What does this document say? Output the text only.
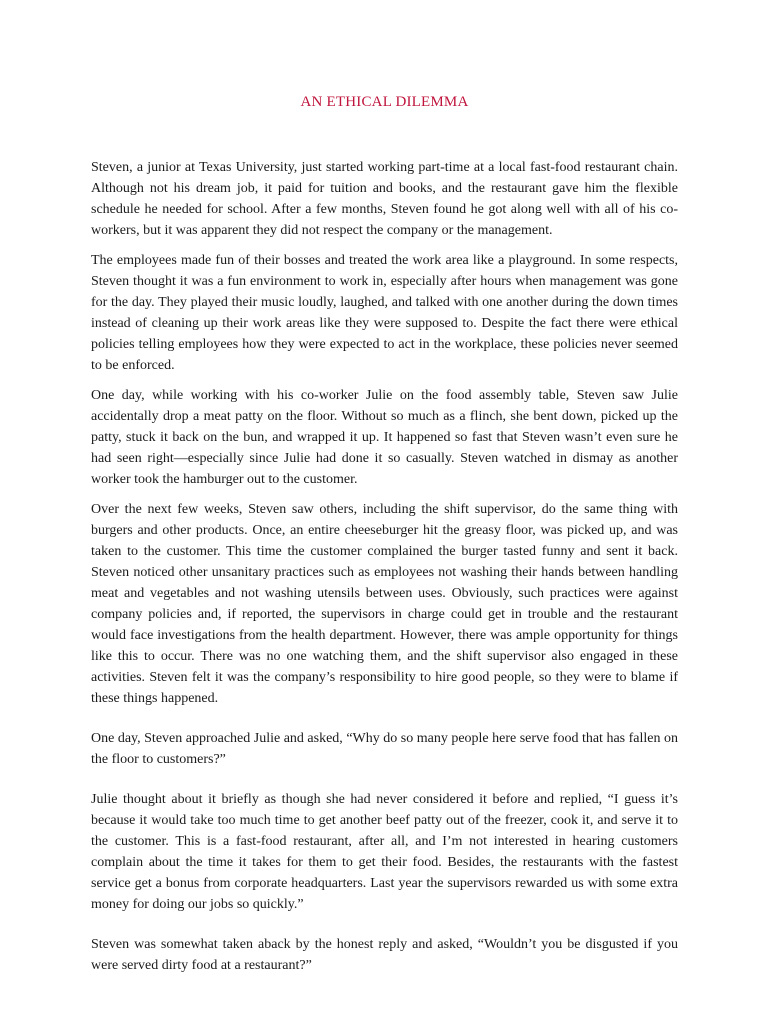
AN ETHICAL DILEMMA

Steven, a junior at Texas University, just started working part-time at a local fast-food restaurant chain. Although not his dream job, it paid for tuition and books, and the restaurant gave him the flexible schedule he needed for school. After a few months, Steven found he got along well with all of his co-workers, but it was apparent they did not respect the company or the management.

The employees made fun of their bosses and treated the work area like a playground. In some respects, Steven thought it was a fun environment to work in, especially after hours when management was gone for the day. They played their music loudly, laughed, and talked with one another during the down times instead of cleaning up their work areas like they were supposed to. Despite the fact there were ethical policies telling employees how they were expected to act in the workplace, these policies never seemed to be enforced.

One day, while working with his co-worker Julie on the food assembly table, Steven saw Julie accidentally drop a meat patty on the floor. Without so much as a flinch, she bent down, picked up the patty, stuck it back on the bun, and wrapped it up. It happened so fast that Steven wasn’t even sure he had seen right—especially since Julie had done it so casually. Steven watched in dismay as another worker took the hamburger out to the customer.

Over the next few weeks, Steven saw others, including the shift supervisor, do the same thing with burgers and other products. Once, an entire cheeseburger hit the greasy floor, was picked up, and was taken to the customer. This time the customer complained the burger tasted funny and sent it back. Steven noticed other unsanitary practices such as employees not washing their hands between handling meat and vegetables and not washing utensils between uses. Obviously, such practices were against company policies and, if reported, the supervisors in charge could get in trouble and the restaurant would face investigations from the health department. However, there was ample opportunity for things like this to occur. There was no one watching them, and the shift supervisor also engaged in these activities. Steven felt it was the company’s responsibility to hire good people, so they were to blame if these things happened.

One day, Steven approached Julie and asked, “Why do so many people here serve food that has fallen on the floor to customers?”

Julie thought about it briefly as though she had never considered it before and replied, “I guess it’s because it would take too much time to get another beef patty out of the freezer, cook it, and serve it to the customer. This is a fast-food restaurant, after all, and I’m not interested in hearing customers complain about the time it takes for them to get their food. Besides, the restaurants with the fastest service get a bonus from corporate headquarters. Last year the supervisors rewarded us with some extra money for doing our jobs so quickly.”

Steven was somewhat taken aback by the honest reply and asked, “Wouldn’t you be disgusted if you were served dirty food at a restaurant?”
